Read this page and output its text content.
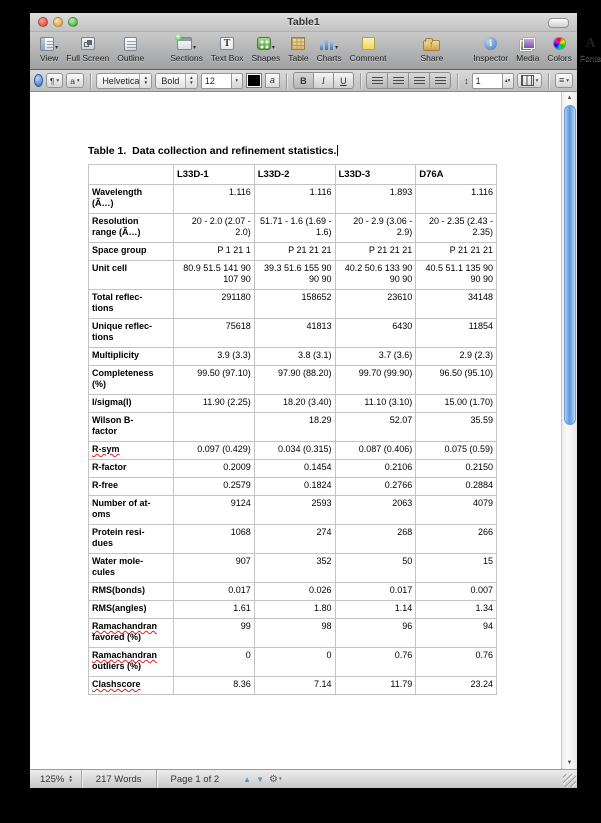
Table1
▾
View Full Screen Outline
+
▾
Sections
T
Text Box
▾
Shapes Table
▾
Charts Comment
↑	Share
i
Inspector Media Colors
A
Fonts
¶ ▾ a ▾	Helvetica ▲
▼ Bold ▲
▼	12	▾	a	B	I	U	↕ 1	▴▾	▾ ≡ ▾
Table 1.  Data collection and refinement statistics.
	L33D-1	L33D-2	L33D-3	D76A
Wavelength
(Ã…)	1.116	1.116	1.893	1.116
Resolution
range (Ã…)	20 - 2.0 (2.07 - 2.0)	51.71 - 1.6 (1.69 - 1.6)	20 - 2.9 (3.06 - 2.9)	20 - 2.35 (2.43 - 2.35)
Space group	P 1 21 1	P 21 21 21	P 21 21 21	P 21 21 21
Unit cell	80.9 51.5 141 90 107 90	39.3 51.6 155 90 90 90	40.2 50.6 133 90 90 90	40.5 51.1 135 90 90 90
Total reflec-
tions	291180	158652	23610	34148
Unique reflec-
tions	75618	41813	6430	11854
Multiplicity	3.9 (3.3)	3.8 (3.1)	3.7 (3.6)	2.9 (2.3)
Completeness
(%)	99.50 (97.10)	97.90 (88.20)	99.70 (99.90)	96.50 (95.10)
I/sigma(I)	11.90 (2.25)	18.20 (3.40)	11.10 (3.10)	15.00 (1.70)
Wilson B-
factor		18.29	52.07	35.59
R-sym	0.097 (0.429)	0.034 (0.315)	0.087 (0.406)	0.075 (0.59)
R-factor	0.2009	0.1454	0.2106	0.2150
R-free	0.2579	0.1824	0.2766	0.2884
Number of at-
oms	9124	2593	2063	4079
Protein resi-
dues	1068	274	268	266
Water mole-
cules	907	352	50	15
RMS(bonds)	0.017	0.026	0.017	0.007
RMS(angles)	1.61	1.80	1.14	1.34
Ramachandran
favored (%)	99	98	96	94
Ramachandran
outliers (%)	0	0	0.76	0.76
Clashscore	8.36	7.14	11.79	23.24
▲
▼
125% ▲
▼	217 Words	Page 1 of 2	▲ ▼ ⚙ ▾
